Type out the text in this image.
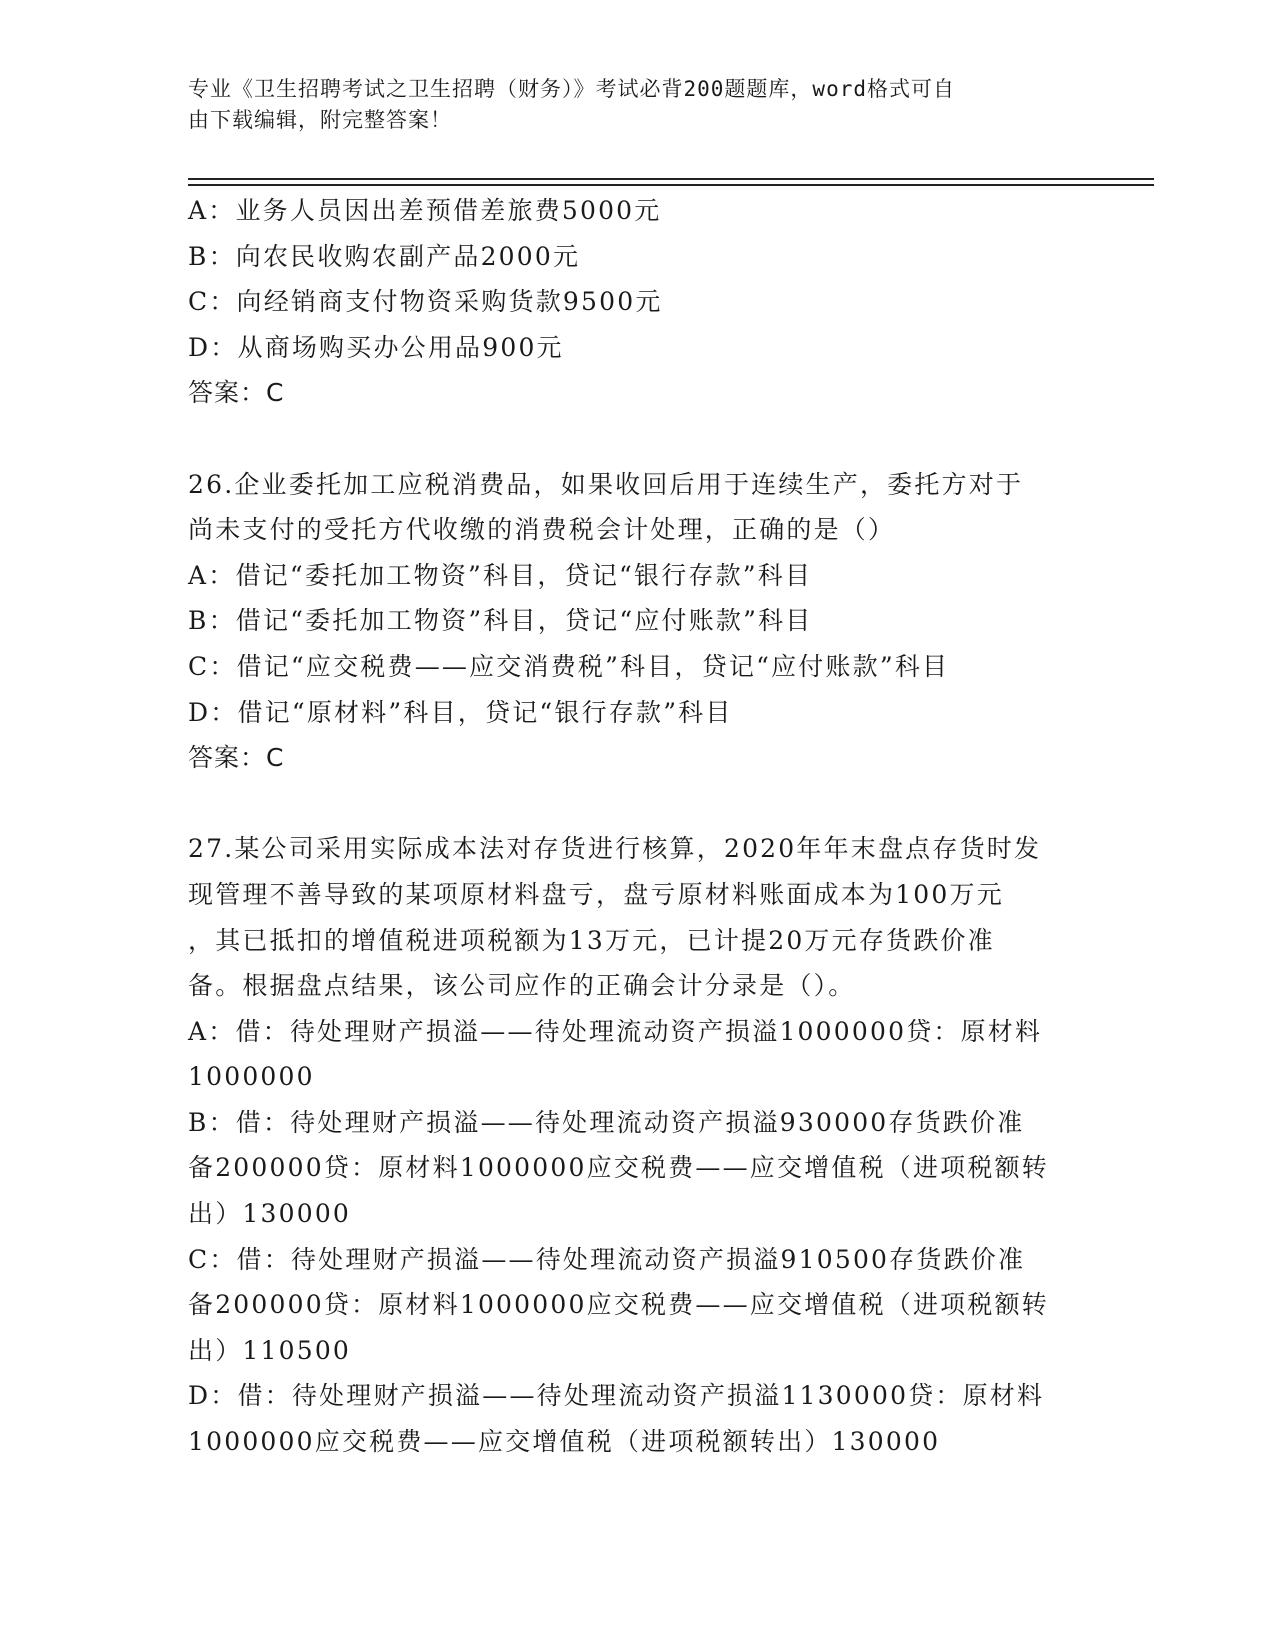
专业《卫生招聘考试之卫生招聘（财务）》考试必背200题题库，word格式可自
由下载编辑，附完整答案！
A：业务人员因出差预借差旅费5000元
B：向农民收购农副产品2000元
C：向经销商支付物资采购货款9500元
D：从商场购买办公用品900元
答案：C
26.企业委托加工应税消费品，如果收回后用于连续生产，委托方对于
尚未支付的受托方代收缴的消费税会计处理，正确的是（）
A：借记“委托加工物资”科目，贷记“银行存款”科目
B：借记“委托加工物资”科目，贷记“应付账款”科目
C：借记“应交税费——应交消费税”科目，贷记“应付账款”科目
D：借记“原材料”科目，贷记“银行存款”科目
答案：C
27.某公司采用实际成本法对存货进行核算，2020年年末盘点存货时发
现管理不善导致的某项原材料盘亏，盘亏原材料账面成本为100万元
，其已抵扣的增值税进项税额为13万元，已计提20万元存货跌价准
备。根据盘点结果，该公司应作的正确会计分录是（）。
A：借：待处理财产损溢——待处理流动资产损溢1000000贷：原材料
1000000
B：借：待处理财产损溢——待处理流动资产损溢930000存货跌价准
备200000贷：原材料1000000应交税费——应交增值税（进项税额转
出）130000
C：借：待处理财产损溢——待处理流动资产损溢910500存货跌价准
备200000贷：原材料1000000应交税费——应交增值税（进项税额转
出）110500
D：借：待处理财产损溢——待处理流动资产损溢1130000贷：原材料
1000000应交税费——应交增值税（进项税额转出）130000
